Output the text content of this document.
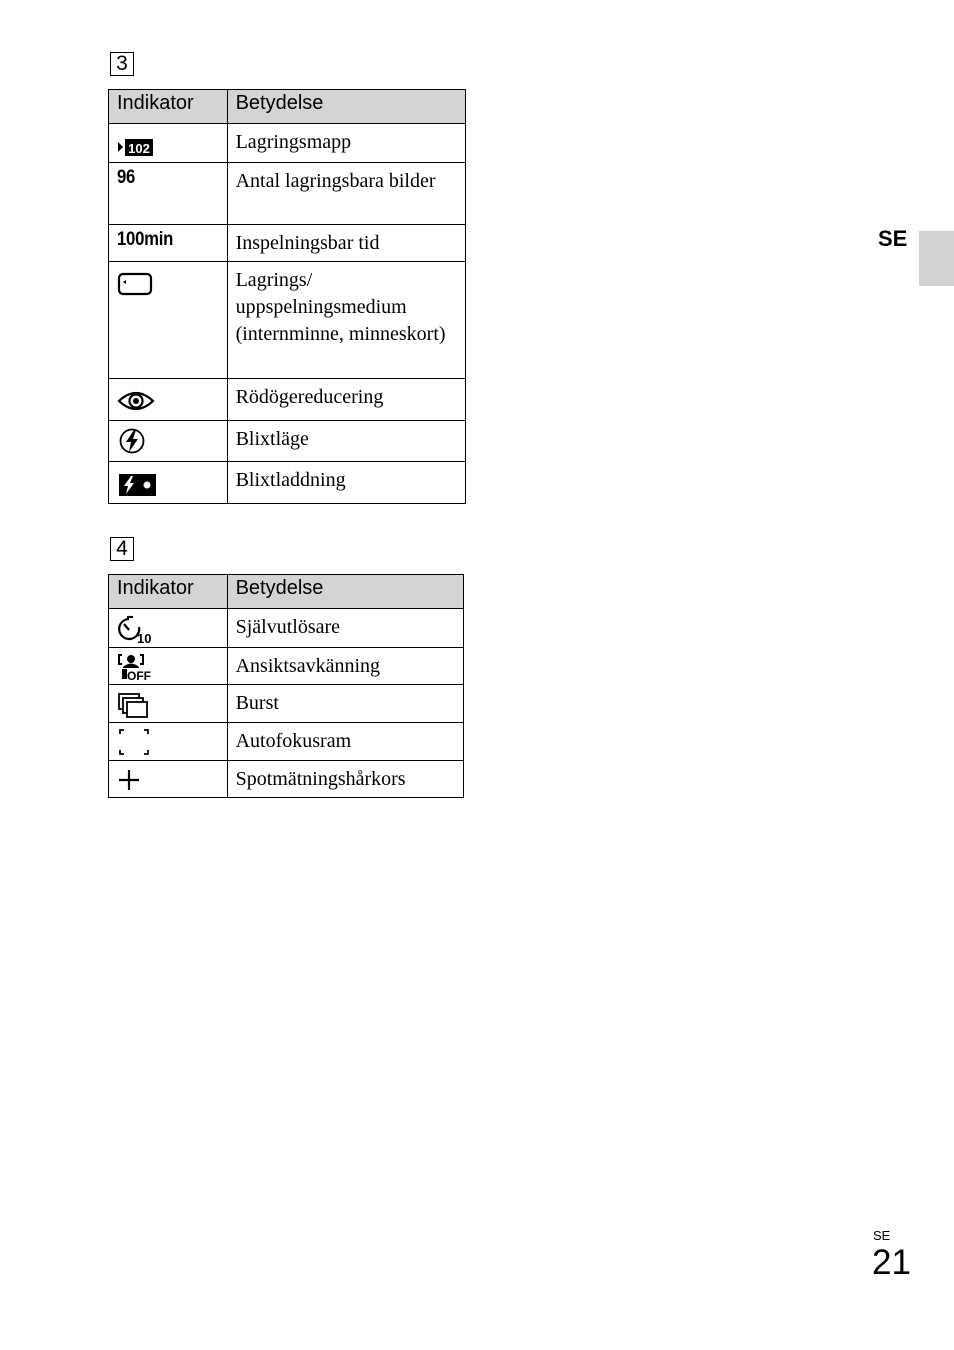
3
Indikator	Betydelse

102	Lagringsmapp
96	Antal lagringsbara bilder
100min	Inspelningsbar tid

	Lagrings/ uppspelningsmedium (internminne, minneskort)

	Rödögereducering

	Blixtläge

	Blixtladdning
4
Indikator	Betydelse

10	Självutlösare

OFF	Ansiktsavkänning

	Burst

	Autofokusram

	Spotmätningshårkors
SE
SE
21
